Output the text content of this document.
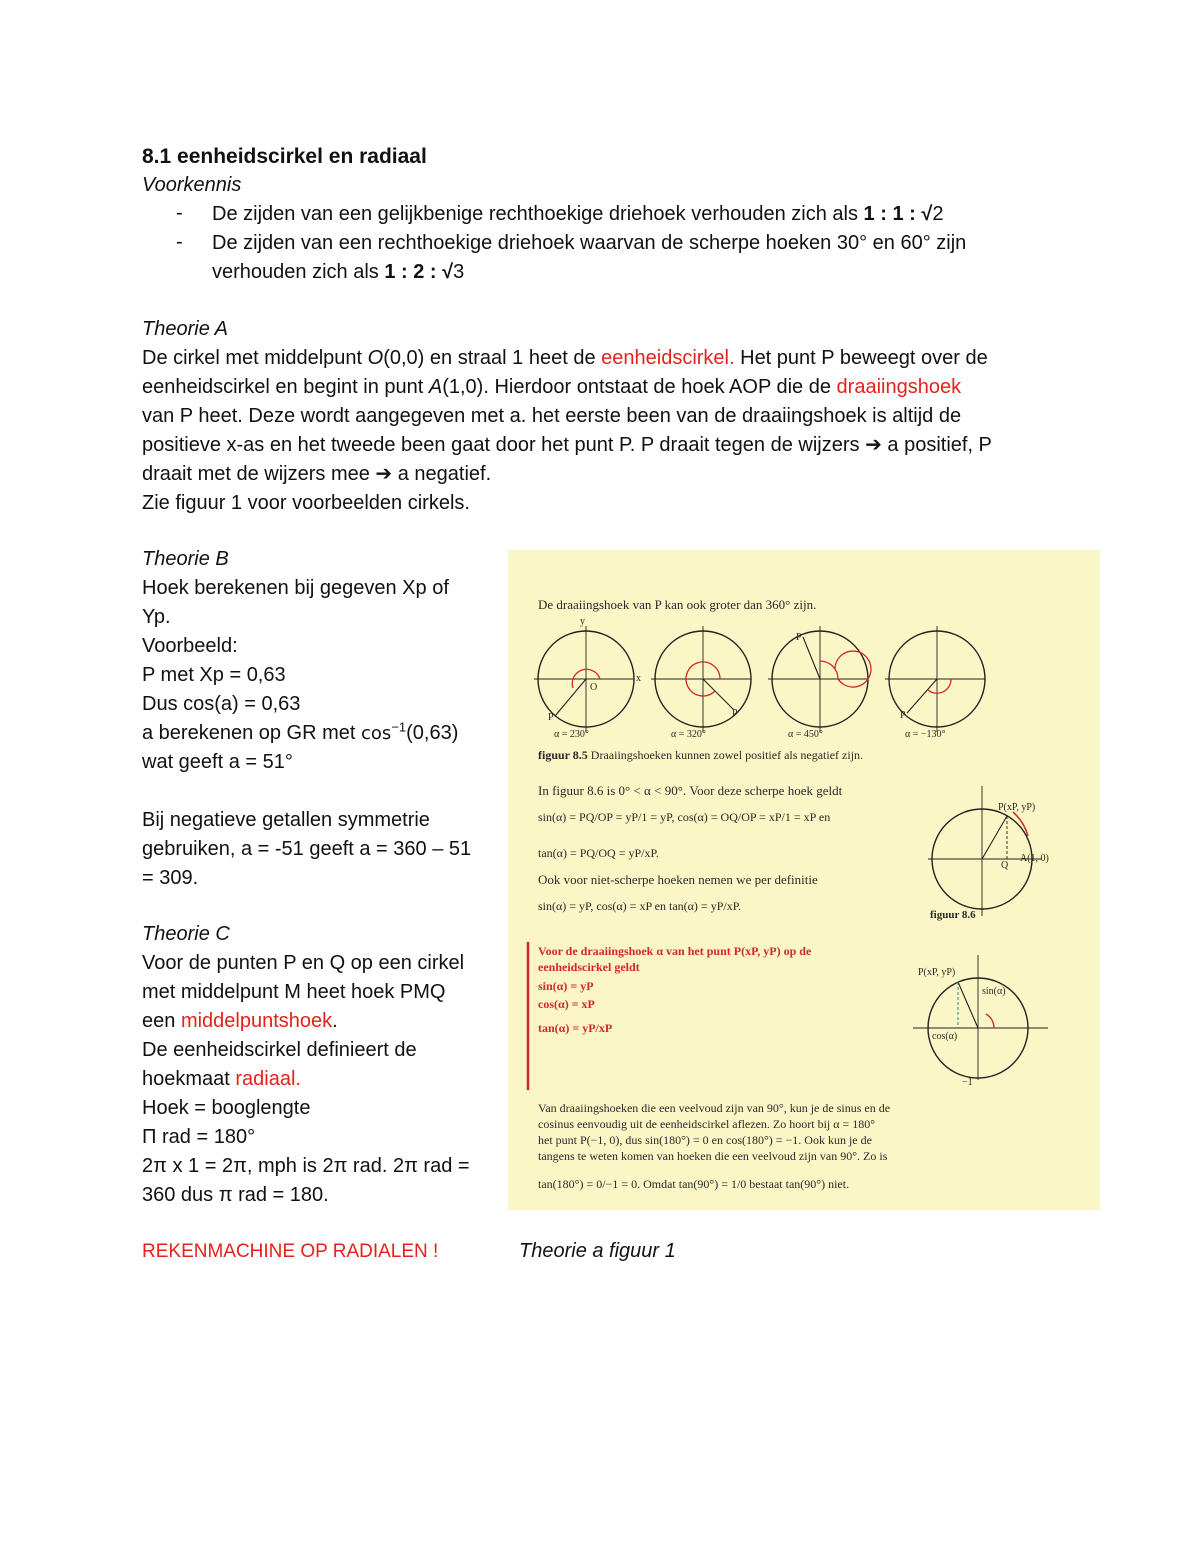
8.1 eenheidscirkel en radiaal
Voorkennis
- De zijden van een gelijkbenige rechthoekige driehoek verhouden zich als 1 : 1 : √2
- De zijden van een rechthoekige driehoek waarvan de scherpe hoeken 30° en 60° zijn
verhouden zich als 1 : 2 : √3
Theorie A
De cirkel met middelpunt O(0,0) en straal 1 heet de eenheidscirkel. Het punt P beweegt over de
eenheidscirkel en begint in punt A(1,0). Hierdoor ontstaat de hoek AOP die de draaiingshoek
van P heet. Deze wordt aangegeven met a. het eerste been van de draaiingshoek is altijd de
positieve x-as en het tweede been gaat door het punt P. P draait tegen de wijzers ➔ a positief, P
draait met de wijzers mee ➔ a negatief.
Zie figuur 1 voor voorbeelden cirkels.
Theorie B
Hoek berekenen bij gegeven Xp of
Yp.
Voorbeeld:
P met Xp = 0,63
Dus cos(a) = 0,63
a berekenen op GR met $\cos^{-1}(0,63)$
wat geeft a = 51°
Bij negatieve getallen symmetrie
gebruiken, a = -51 geeft a = 360 – 51
= 309.
Theorie C
Voor de punten P en Q op een cirkel
met middelpunt M heet hoek PMQ
een middelpuntshoek.
De eenheidscirkel definieert de
hoekmaat radiaal.
Hoek = booglengte
Π rad = 180°
2π x 1 = 2π, mph is 2π rad. 2π rad =
360 dus π rad = 180.
REKENMACHINE OP RADIALEN !	Theorie a figuur 1
De draaiingshoek van P kan ook groter dan 360° zijn.
α = 230°	α = 320°	α = 450°	α = −130°
y
x
O
P	P
P
P
figuur 8.5 Draaiingshoeken kunnen zowel positief als negatief zijn.
In figuur 8.6 is 0° < α < 90°. Voor deze scherpe hoek geldt
sin(α) = PQ/OP = yP/1 = yP, cos(α) = OQ/OP = xP/1 = xP en
tan(α) = PQ/OQ = yP/xP.
Ook voor niet-scherpe hoeken nemen we per definitie
sin(α) = yP, cos(α) = xP en tan(α) = yP/xP.
P(xP, yP)
A(1, 0)
Q
figuur 8.6
Voor de draaiingshoek α van het punt P(xP, yP) op de
eenheidscirkel geldt
sin(α) = yP
cos(α) = xP
tan(α) = yP/xP
P(xP, yP)
sin(α)
cos(α)
−1
Van draaiingshoeken die een veelvoud zijn van 90°, kun je de sinus en de
cosinus eenvoudig uit de eenheidscirkel aflezen. Zo hoort bij α = 180°
het punt P(−1, 0), dus sin(180°) = 0 en cos(180°) = −1. Ook kun je de
tangens te weten komen van hoeken die een veelvoud zijn van 90°. Zo is
tan(180°) = 0/−1 = 0. Omdat tan(90°) = 1/0 bestaat tan(90°) niet.
